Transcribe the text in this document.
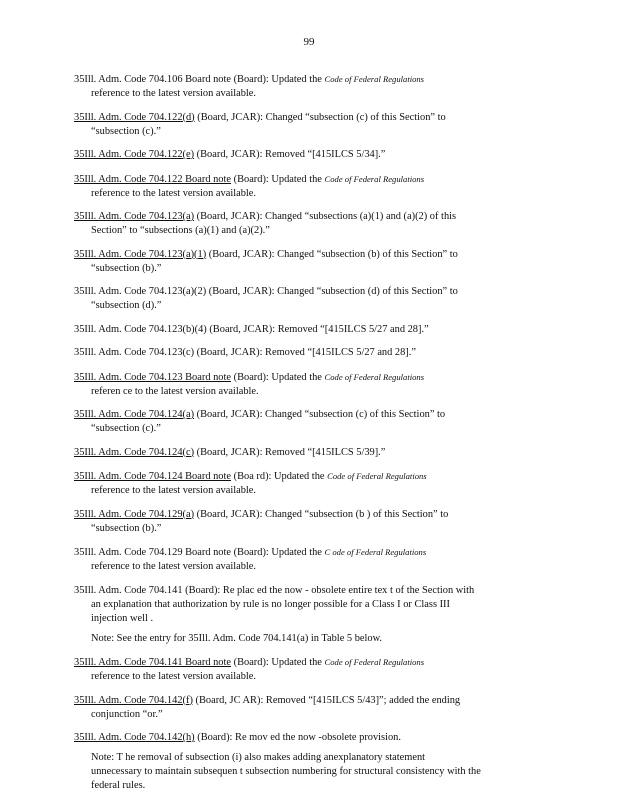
99
35Ill. Adm. Code 704.106 Board note (Board): Updated the Code of Federal Regulations
reference to the latest version available.
35Ill. Adm. Code 704.122(d) (Board, JCAR): Changed “subsection (c) of this Section” to
“subsection (c).”
35Ill. Adm. Code 704.122(e) (Board, JCAR): Removed “[415ILCS 5/34].”
35Ill. Adm. Code 704.122 Board note (Board): Updated the Code of Federal Regulations
reference to the latest version available.
35Ill. Adm. Code 704.123(a) (Board, JCAR): Changed “subsections (a)(1) and (a)(2) of this
Section” to “subsections (a)(1) and (a)(2).”
35Ill. Adm. Code 704.123(a)(1) (Board, JCAR): Changed “subsection (b) of this Section” to
“subsection (b).”
35Ill. Adm. Code 704.123(a)(2) (Board, JCAR): Changed “subsection (d) of this Section” to
“subsection (d).”
35Ill. Adm. Code 704.123(b)(4) (Board, JCAR): Removed “[415ILCS 5/27 and 28].”
35Ill. Adm. Code 704.123(c) (Board, JCAR): Removed “[415ILCS 5/27 and 28].”
35Ill. Adm. Code 704.123 Board note (Board): Updated the Code of Federal Regulations
referen ce to the latest version available.
35Ill. Adm. Code 704.124(a) (Board, JCAR): Changed “subsection (c) of this Section” to
“subsection (c).”
35Ill. Adm. Code 704.124(c) (Board, JCAR): Removed “[415ILCS 5/39].”
35Ill. Adm. Code 704.124 Board note (Boa rd): Updated the Code of Federal Regulations
reference to the latest version available.
35Ill. Adm. Code 704.129(a) (Board, JCAR): Changed “subsection (b ) of this Section” to
“subsection (b).”
35Ill. Adm. Code 704.129 Board note (Board): Updated the C ode of Federal Regulations
reference to the latest version available.
35Ill. Adm. Code 704.141 (Board): Re plac ed the now - obsolete entire tex t of the Section with
an explanation that authorization by rule is no longer possible for a Class I or Class III
injection well .
Note: See the entry for 35Ill. Adm. Code 704.141(a) in Table 5 below.
35Ill. Adm. Code 704.141 Board note (Board): Updated the Code of Federal Regulations
reference to the latest version available.
35Ill. Adm. Code 704.142(f) (Board, JC AR): Removed “[415ILCS 5/43]”; added the ending
conjunction “or.”
35Ill. Adm. Code 704.142(h) (Board): Re mov ed the now -obsolete provision.
Note: T he removal of subsection (i) also makes adding anexplanatory statement
unnecessary to maintain subsequen t subsection numbering for structural consistency with the
federal rules.
